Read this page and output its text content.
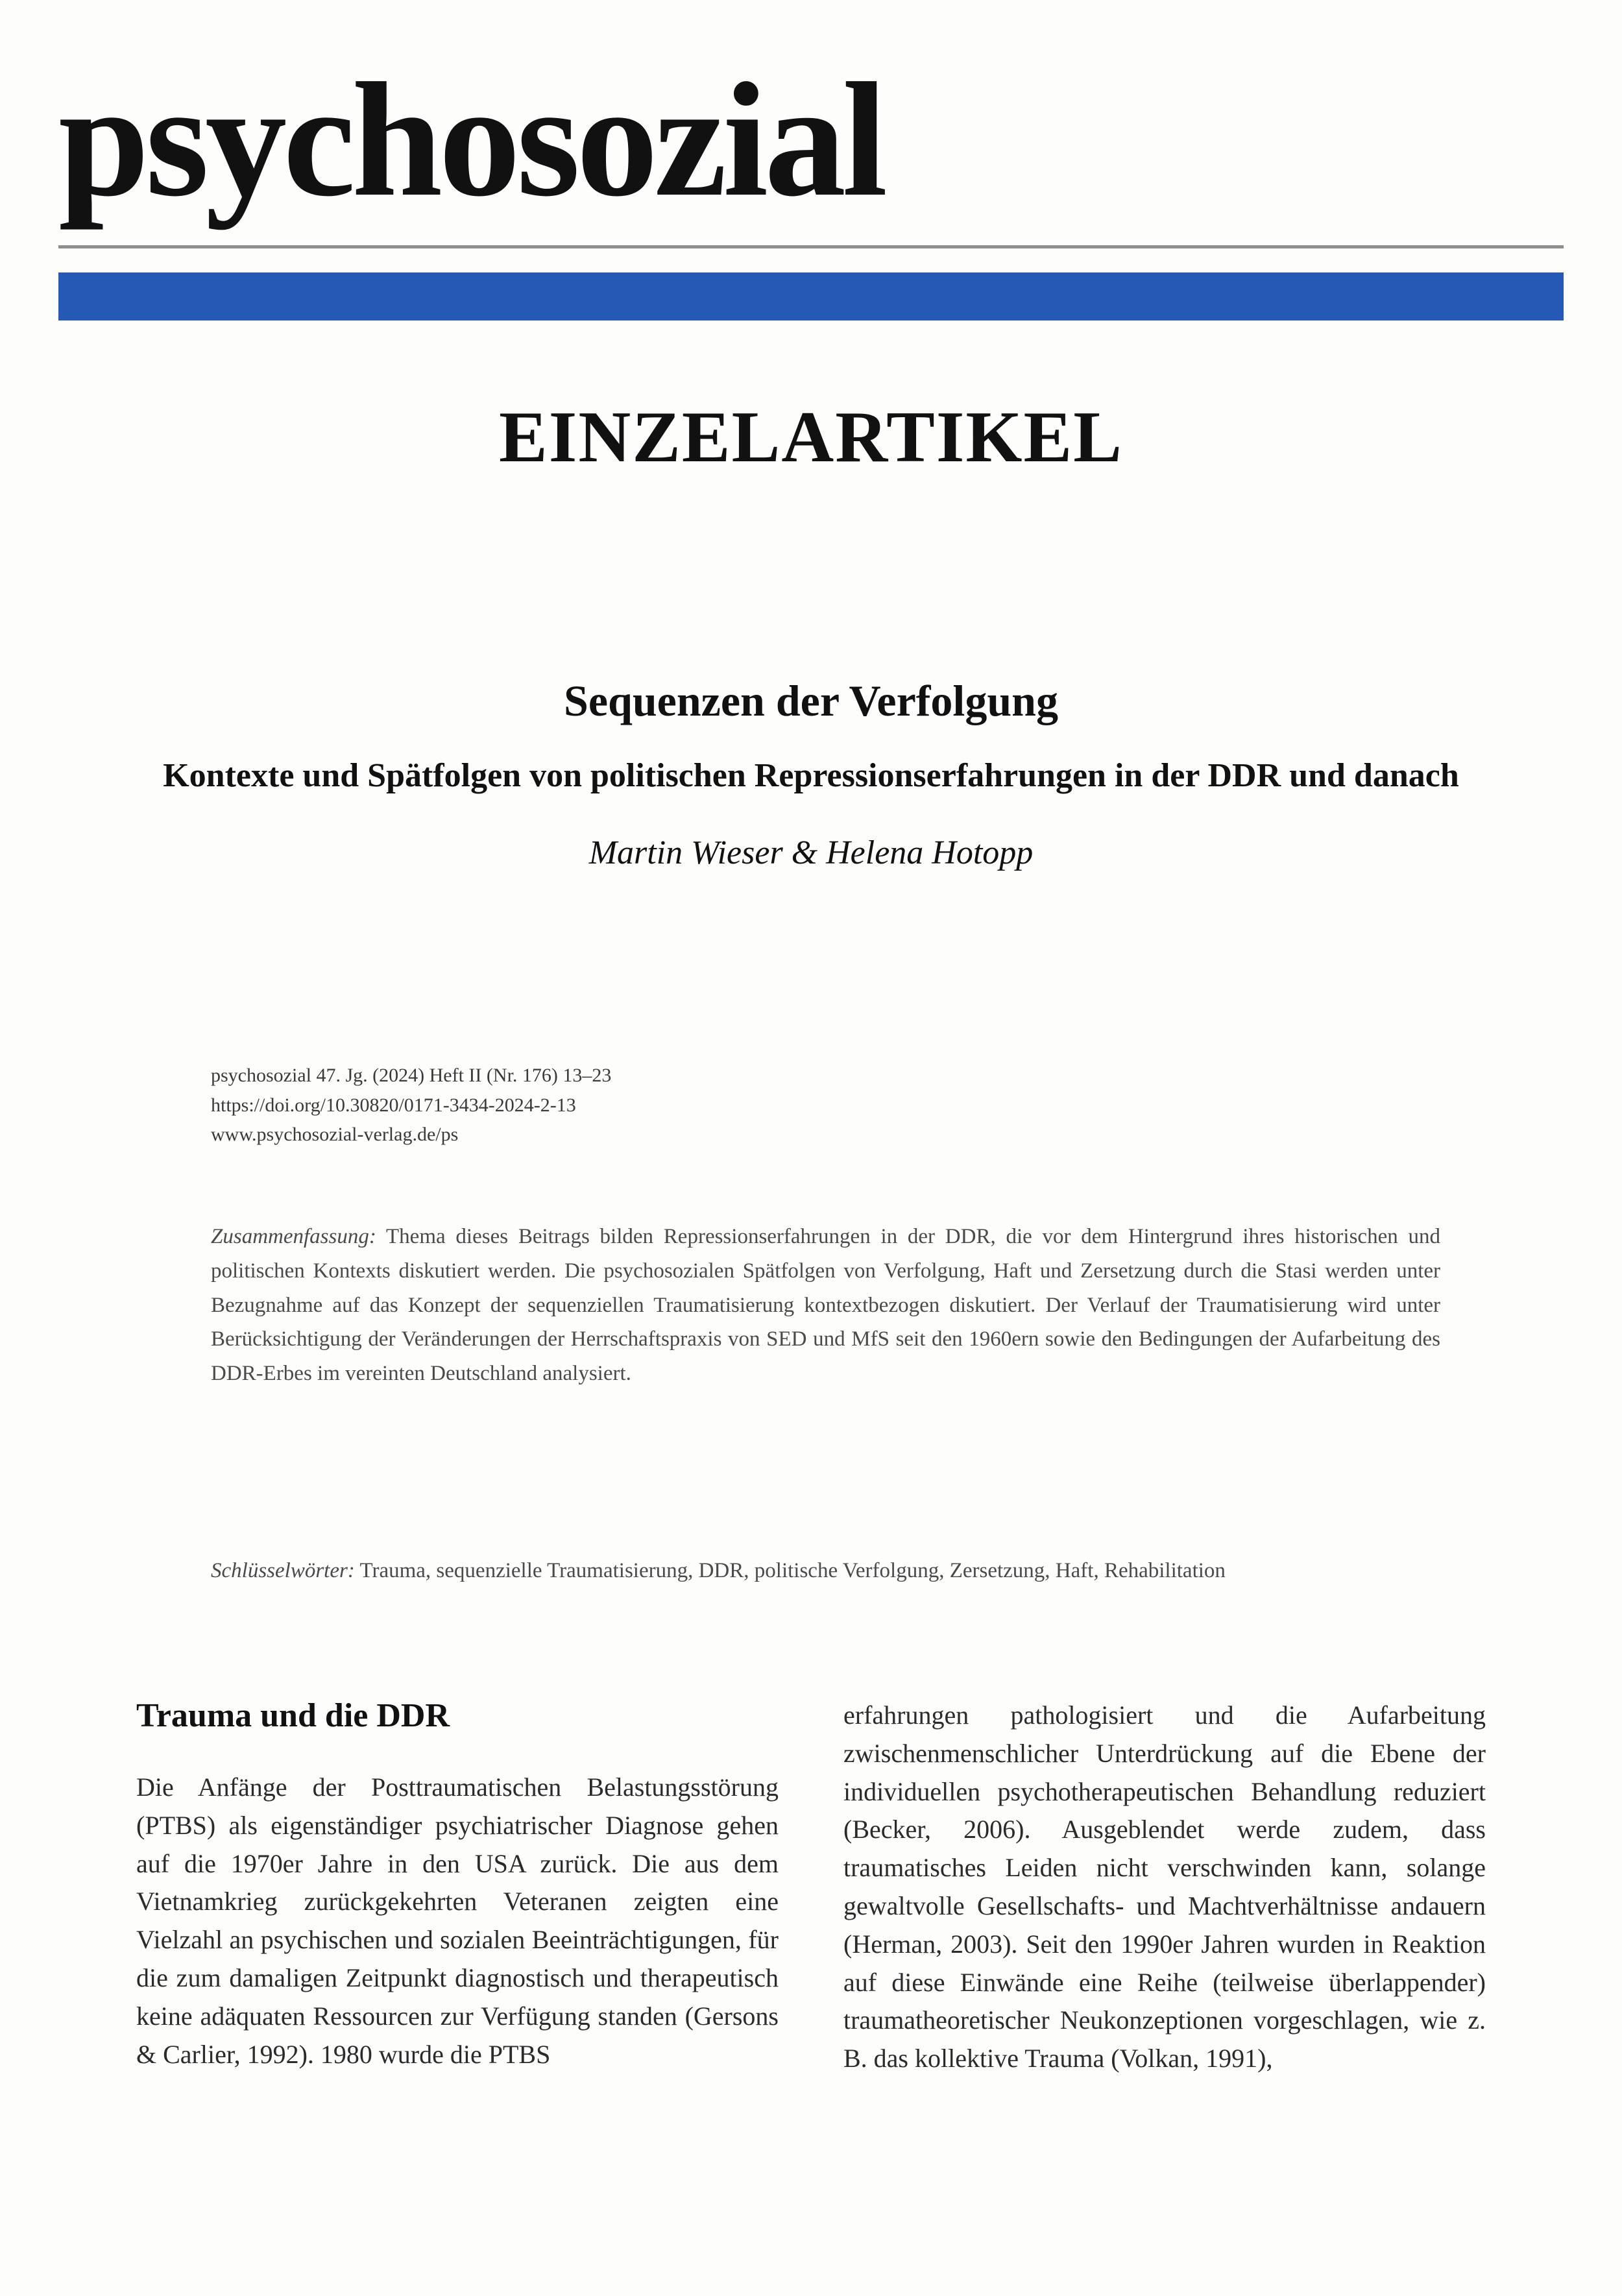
psychosozial
EINZELARTIKEL
Sequenzen der Verfolgung
Kontexte und Spätfolgen von politischen Repressionserfahrungen in der DDR und danach
Martin Wieser & Helena Hotopp
psychosozial 47. Jg. (2024) Heft II (Nr. 176) 13–23
https://doi.org/10.30820/0171-3434-2024-2-13
www.psychosozial-verlag.de/ps
Zusammenfassung: Thema dieses Beitrags bilden Repressionserfahrungen in der DDR, die vor dem Hintergrund ihres historischen und politischen Kontexts diskutiert werden. Die psychosozialen Spätfolgen von Verfolgung, Haft und Zersetzung durch die Stasi werden unter Bezugnahme auf das Konzept der sequenziellen Traumatisierung kontextbezogen diskutiert. Der Verlauf der Traumatisierung wird unter Berücksichtigung der Veränderungen der Herrschaftspraxis von SED und MfS seit den 1960ern sowie den Bedingungen der Aufarbeitung des DDR-Erbes im vereinten Deutschland analysiert.
Schlüsselwörter: Trauma, sequenzielle Traumatisierung, DDR, politische Verfolgung, Zersetzung, Haft, Rehabilitation
Trauma und die DDR

Die Anfänge der Posttraumatischen Belastungsstörung (PTBS) als eigenständiger psychiatrischer Diagnose gehen auf die 1970er Jahre in den USA zurück. Die aus dem Vietnamkrieg zurückgekehrten Veteranen zeigten eine Vielzahl an psychischen und sozialen Beeinträchtigungen, für die zum damaligen Zeitpunkt diagnostisch und therapeutisch keine adäquaten Ressourcen zur Verfügung standen (Gersons & Carlier, 1992). 1980 wurde die PTBS

erfahrungen pathologisiert und die Aufarbeitung zwischenmenschlicher Unterdrückung auf die Ebene der individuellen psychotherapeutischen Behandlung reduziert (Becker, 2006). Ausgeblendet werde zudem, dass traumatisches Leiden nicht verschwinden kann, solange gewaltvolle Gesellschafts- und Machtverhältnisse andauern (Herman, 2003). Seit den 1990er Jahren wurden in Reaktion auf diese Einwände eine Reihe (teilweise überlappender) traumatheoretischer Neukonzeptionen vorgeschlagen, wie z. B. das kollektive Trauma (Volkan, 1991),
